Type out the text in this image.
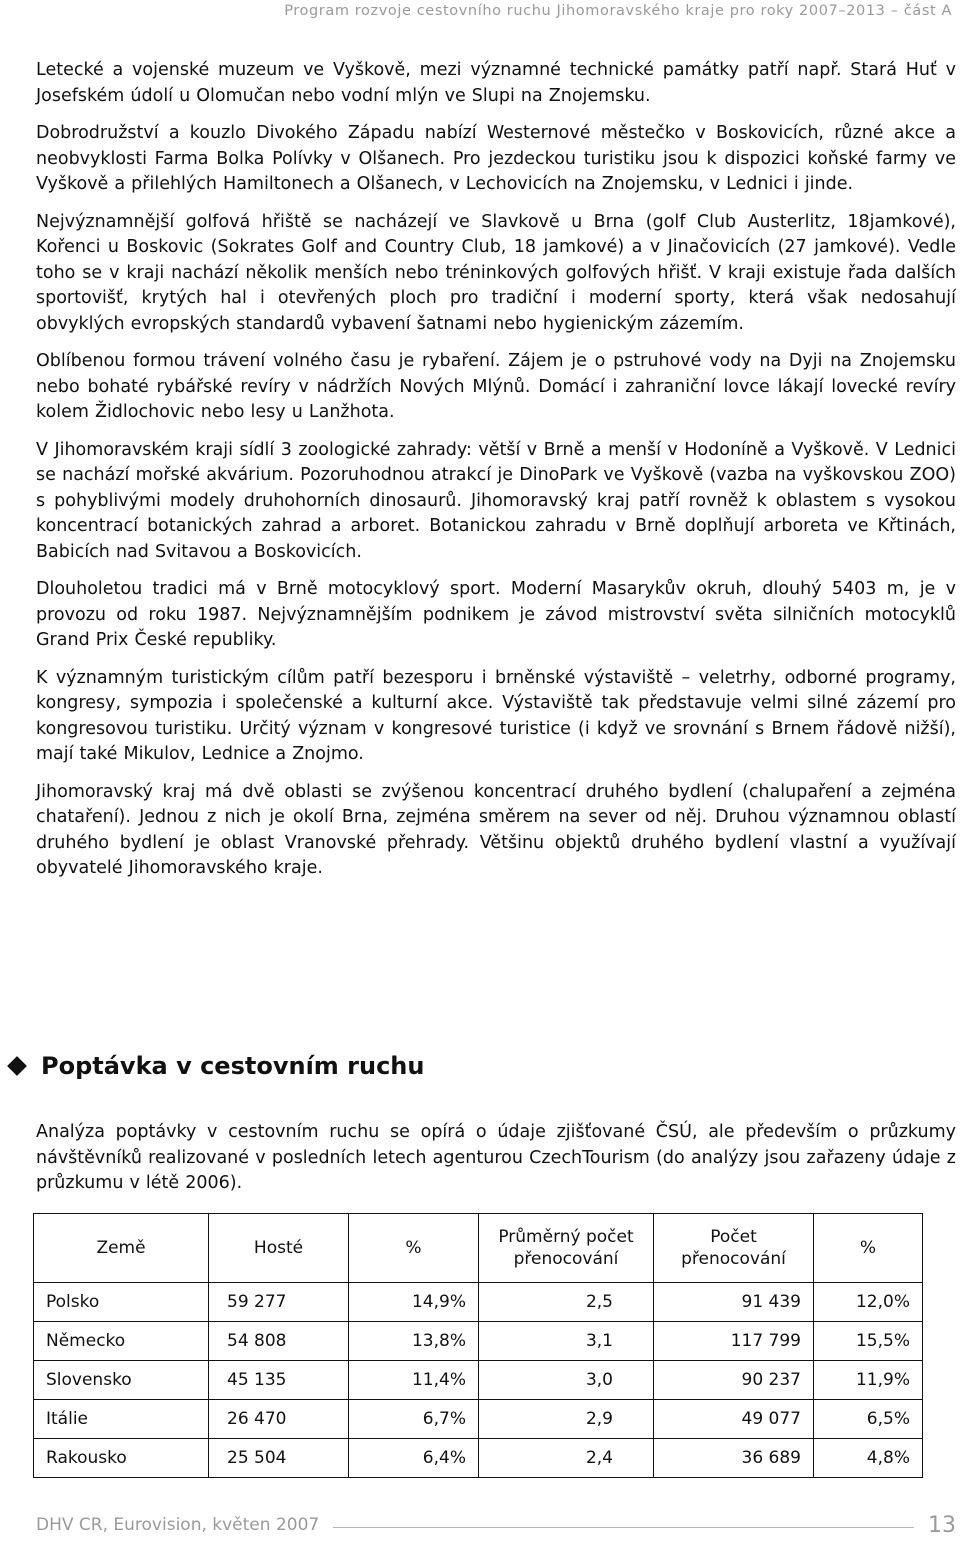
Program rozvoje cestovního ruchu Jihomoravského kraje pro roky 2007–2013 – část A

Letecké a vojenské muzeum ve Vyškově, mezi významné technické památky patří např. Stará Huť v Josefském údolí u Olomučan nebo vodní mlýn ve Slupi na Znojemsku.

Dobrodružství a kouzlo Divokého Západu nabízí Westernové městečko v Boskovicích, různé akce a neobvyklosti Farma Bolka Polívky v Olšanech. Pro jezdeckou turistiku jsou k dispozici koňské farmy ve Vyškově a přilehlých Hamiltonech a Olšanech, v Lechovicích na Znojemsku, v Lednici i jinde.

Nejvýznamnější golfová hřiště se nacházejí ve Slavkově u Brna (golf Club Austerlitz, 18jamkové), Kořenci u Boskovic (Sokrates Golf and Country Club, 18 jamkové) a v Jinačovicích (27 jamkové). Vedle toho se v kraji nachází několik menších nebo tréninkových golfových hřišť. V kraji existuje řada dalších sportovišť, krytých hal i otevřených ploch pro tradiční i moderní sporty, která však nedosahují obvyklých evropských standardů vybavení šatnami nebo hygienickým zázemím.

Oblíbenou formou trávení volného času je rybaření. Zájem je o pstruhové vody na Dyji na Znojemsku nebo bohaté rybářské revíry v nádržích Nových Mlýnů. Domácí i zahraniční lovce lákají lovecké revíry kolem Židlochovic nebo lesy u Lanžhota.

V Jihomoravském kraji sídlí 3 zoologické zahrady: větší v Brně a menší v Hodoníně a Vyškově. V Lednici se nachází mořské akvárium. Pozoruhodnou atrakcí je DinoPark ve Vyškově (vazba na vyškovskou ZOO) s pohyblivými modely druhohorních dinosaurů. Jihomoravský kraj patří rovněž k oblastem s vysokou koncentrací botanických zahrad a arboret. Botanickou zahradu v Brně doplňují arboreta ve Křtinách, Babicích nad Svitavou a Boskovicích.

Dlouholetou tradici má v Brně motocyklový sport. Moderní Masarykův okruh, dlouhý 5403 m, je v provozu od roku 1987. Nejvýznamnějším podnikem je závod mistrovství světa silničních motocyklů Grand Prix České republiky.

K významným turistickým cílům patří bezesporu i brněnské výstaviště – veletrhy, odborné programy, kongresy, sympozia i společenské a kulturní akce. Výstaviště tak představuje velmi silné zázemí pro kongresovou turistiku. Určitý význam v kongresové turistice (i když ve srovnání s Brnem řádově nižší), mají také Mikulov, Lednice a Znojmo.

Jihomoravský kraj má dvě oblasti se zvýšenou koncentrací druhého bydlení (chalupaření a zejména chataření). Jednou z nich je okolí Brna, zejména směrem na sever od něj. Druhou významnou oblastí druhého bydlení je oblast Vranovské přehrady. Většinu objektů druhého bydlení vlastní a využívají obyvatelé Jihomoravského kraje.

Poptávka v cestovním ruchu

Analýza poptávky v cestovním ruchu se opírá o údaje zjišťované ČSÚ, ale především o průzkumy návštěvníků realizované v posledních letech agenturou CzechTourism (do analýzy jsou zařazeny údaje z průzkumu v létě 2006).

Země	Hosté	%	Průměrný počet přenocování	Počet přenocování	%
Polsko	59 277	14,9%	2,5	91 439	12,0%
Německo	54 808	13,8%	3,1	117 799	15,5%
Slovensko	45 135	11,4%	3,0	90 237	11,9%
Itálie	26 470	6,7%	2,9	49 077	6,5%
Rakousko	25 504	6,4%	2,4	36 689	4,8%
DHV CR, Eurovision, květen 2007	13
